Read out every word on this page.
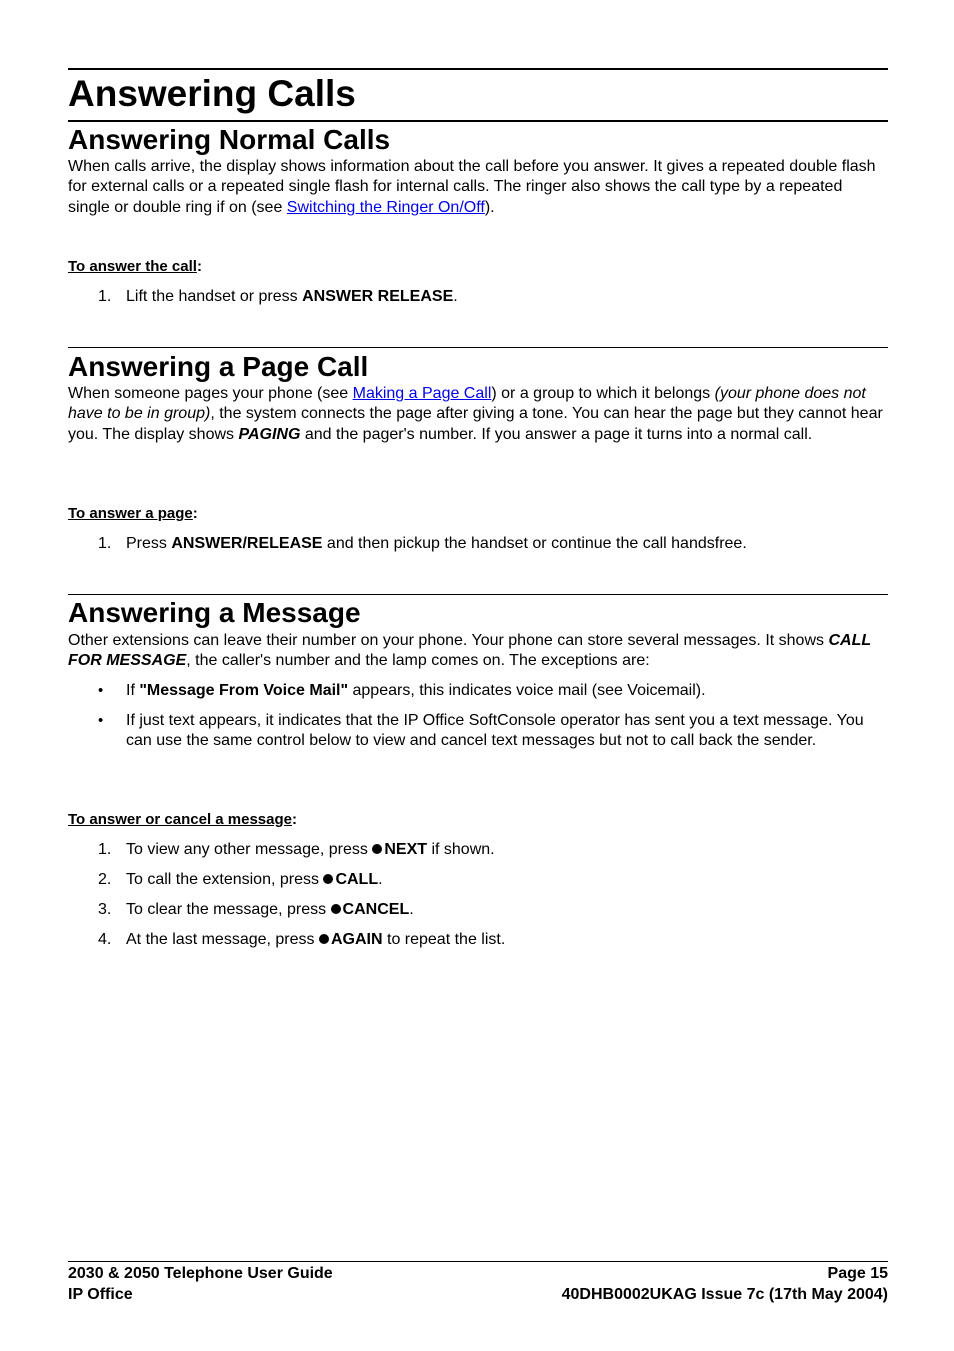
Answering Calls
Answering Normal Calls

When calls arrive, the display shows information about the call before you answer. It gives a repeated double flash for external calls or a repeated single flash for internal calls. The ringer also shows the call type by a repeated single or double ring if on (see Switching the Ringer On/Off).

To answer the call:
1. Lift the handset or press ANSWER RELEASE.
Answering a Page Call

When someone pages your phone (see Making a Page Call) or a group to which it belongs (your phone does not have to be in group), the system connects the page after giving a tone. You can hear the page but they cannot hear you. The display shows PAGING and the pager's number. If you answer a page it turns into a normal call.

To answer a page:
1. Press ANSWER/RELEASE and then pickup the handset or continue the call handsfree.
Answering a Message

Other extensions can leave their number on your phone. Your phone can store several messages. It shows CALL FOR MESSAGE, the caller's number and the lamp comes on. The exceptions are:

• If "Message From Voice Mail" appears, this indicates voice mail (see Voicemail).
• If just text appears, it indicates that the IP Office SoftConsole operator has sent you a text message. You can use the same control below to view and cancel text messages but not to call back the sender.
To answer or cancel a message:
1. To view any other message, press NEXT if shown.
2. To call the extension, press CALL.
3. To clear the message, press CANCEL.
4. At the last message, press AGAIN to repeat the list.
2030 & 2050 Telephone User Guide	Page 15
IP Office	40DHB0002UKAG Issue 7c (17th May 2004)
